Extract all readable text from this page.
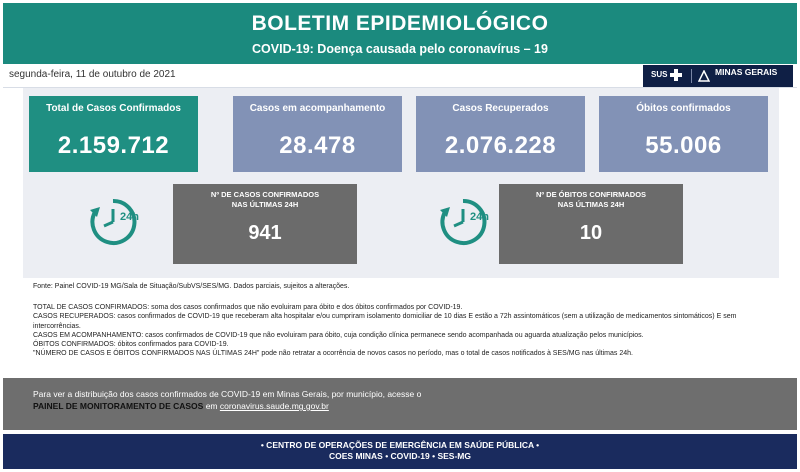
BOLETIM EPIDEMIOLÓGICO
COVID-19: Doença causada pelo coronavírus – 19
segunda-feira, 11 de outubro de 2021	SUS	MINAS GERAIS
Total de Casos Confirmados
2.159.712
Casos em acompanhamento
28.478
Casos Recuperados
2.076.228
Óbitos confirmados
55.006
24h
Nº DE CASOS CONFIRMADOS
NAS ÚLTIMAS 24H
941
24h
Nº DE ÓBITOS CONFIRMADOS
NAS ÚLTIMAS 24H
10
Fonte: Painel COVID-19 MG/Sala de Situação/SubVS/SES/MG. Dados parciais, sujeitos a alterações.
TOTAL DE CASOS CONFIRMADOS: soma dos casos confirmados que não evoluiram para óbito e dos óbitos confirmados por COVID-19.
CASOS RECUPERADOS: casos confirmados de COVID-19 que receberam alta hospitalar e/ou cumpriram isolamento domiciliar de 10 dias E estão a 72h assintomáticos (sem a utilização de medicamentos sintomáticos) E sem intercorrências.
CASOS EM ACOMPANHAMENTO: casos confirmados de COVID-19 que não evoluiram para óbito, cuja condição clínica permanece sendo acompanhada ou aguarda atualização pelos municípios.
ÓBITOS CONFIRMADOS: óbitos confirmados para COVID-19.
"NÚMERO DE CASOS E ÓBITOS CONFIRMADOS NAS ÚLTIMAS 24H" pode não retratar a ocorrência de novos casos no período, mas o total de casos notificados à SES/MG nas últimas 24h.
Para ver a distribuição dos casos confirmados de COVID-19 em Minas Gerais, por município, acesse o
PAINEL DE MONITORAMENTO DE CASOS em coronavirus.saude.mg.gov.br
• CENTRO DE OPERAÇÕES DE EMERGÊNCIA EM SAÚDE PÚBLICA •
COES MINAS • COVID-19 • SES-MG
